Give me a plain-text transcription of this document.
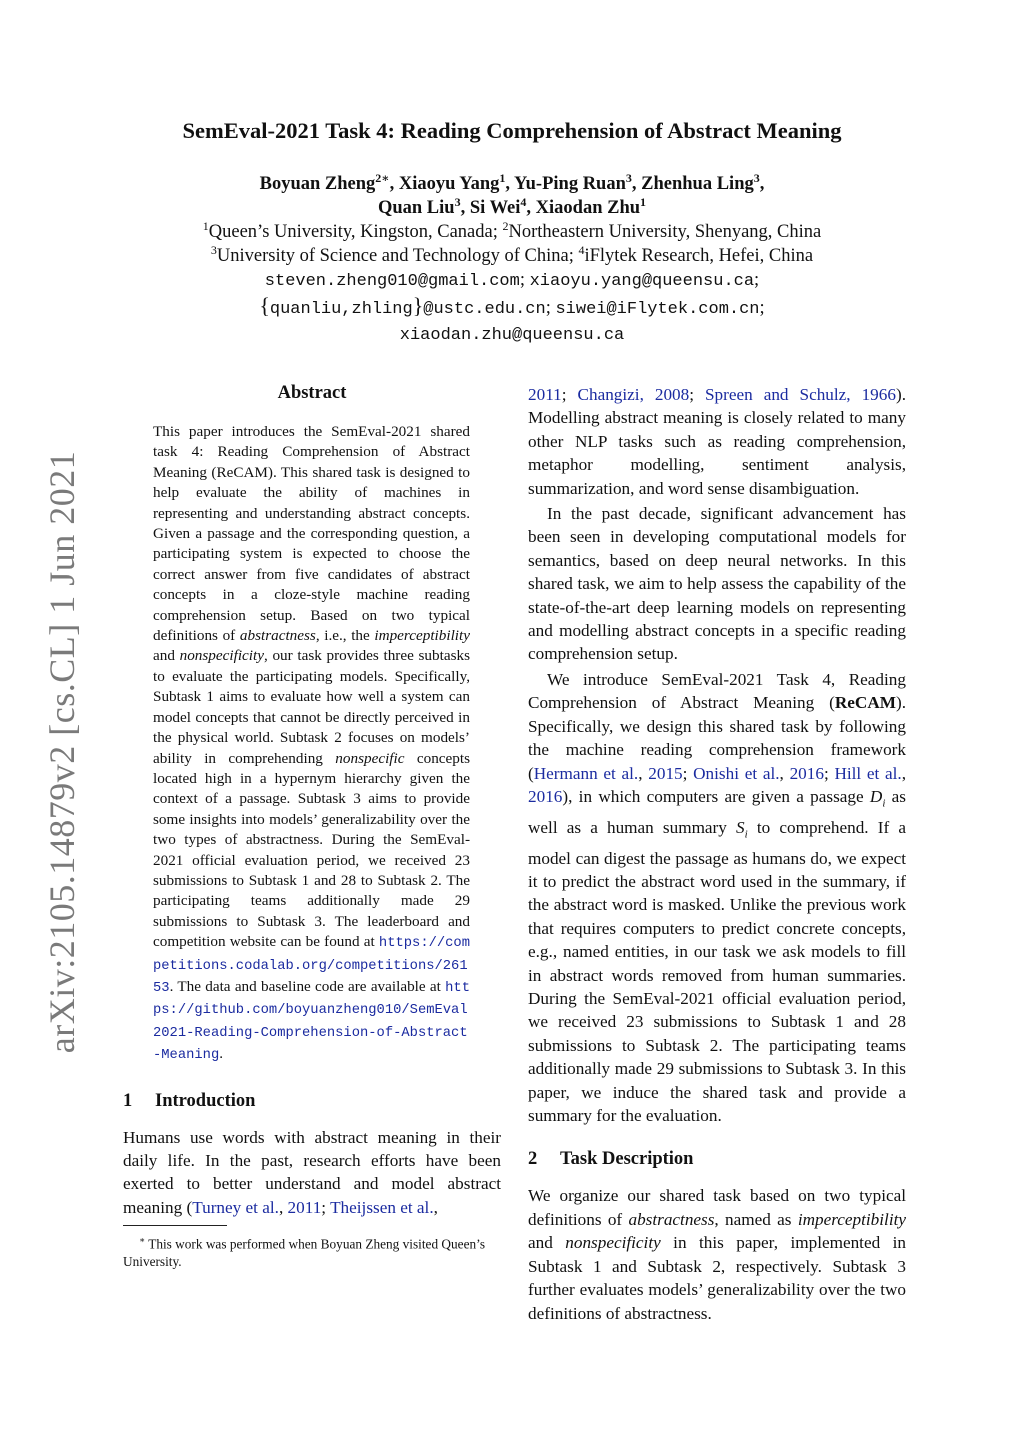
arXiv:2105.14879v2 [cs.CL] 1 Jun 2021
SemEval-2021 Task 4: Reading Comprehension of Abstract Meaning
Boyuan Zheng$^{2∗}$, Xiaoyu Yang$^1$, Yu-Ping Ruan$^3$, Zhenhua Ling$^3$,
Quan Liu$^3$, Si Wei$^4$, Xiaodan Zhu$^1$
$^1$Queen’s University, Kingston, Canada; $^2$Northeastern University, Shenyang, China
$^3$University of Science and Technology of China; $^4$iFlytek Research, Hefei, China
steven.zheng010@gmail.com; xiaoyu.yang@queensu.ca;
{quanliu,zhling}@ustc.edu.cn; siwei@iFlytek.com.cn;
xiaodan.zhu@queensu.ca
Abstract

This paper introduces the SemEval-2021 shared task 4: Reading Comprehension of Abstract Meaning (ReCAM). This shared task is designed to help evaluate the ability of machines in representing and understanding abstract concepts. Given a passage and the corresponding question, a participating system is expected to choose the correct answer from five candidates of abstract concepts in a cloze-style machine reading comprehension setup. Based on two typical definitions of abstractness, i.e., the imperceptibility and nonspecificity, our task provides three subtasks to evaluate the participating models. Specifically, Subtask 1 aims to evaluate how well a system can model concepts that cannot be directly perceived in the physical world. Subtask 2 focuses on models’ ability in comprehending nonspecific concepts located high in a hypernym hierarchy given the context of a passage. Subtask 3 aims to provide some insights into models’ generalizability over the two types of abstractness. During the SemEval-2021 official evaluation period, we received 23 submissions to Subtask 1 and 28 to Subtask 2. The participating teams additionally made 29 submissions to Subtask 3. The leaderboard and competition website can be found at https://competitions.codalab.org/competitions/26153. The data and baseline code are available at https://github.com/boyuanzheng010/SemEval2021-Reading-Comprehension-of-Abstract-Meaning.

1 Introduction

Humans use words with abstract meaning in their daily life. In the past, research efforts have been exerted to better understand and model abstract meaning (Turney et al., 2011; Theijssen et al.,

∗ This work was performed when Boyuan Zheng visited Queen’s University.

2011; Changizi, 2008; Spreen and Schulz, 1966). Modelling abstract meaning is closely related to many other NLP tasks such as reading comprehension, metaphor modelling, sentiment analysis, summarization, and word sense disambiguation.

In the past decade, significant advancement has been seen in developing computational models for semantics, based on deep neural networks. In this shared task, we aim to help assess the capability of the state-of-the-art deep learning models on representing and modelling abstract concepts in a specific reading comprehension setup.

We introduce SemEval-2021 Task 4, Reading Comprehension of Abstract Meaning (ReCAM). Specifically, we design this shared task by following the machine reading comprehension framework (Hermann et al., 2015; Onishi et al., 2016; Hill et al., 2016), in which computers are given a passage $D_i$ as well as a human summary $S_i$ to comprehend. If a model can digest the passage as humans do, we expect it to predict the abstract word used in the summary, if the abstract word is masked. Unlike the previous work that requires computers to predict concrete concepts, e.g., named entities, in our task we ask models to fill in abstract words removed from human summaries. During the SemEval-2021 official evaluation period, we received 23 submissions to Subtask 1 and 28 submissions to Subtask 2. The participating teams additionally made 29 submissions to Subtask 3. In this paper, we induce the shared task and provide a summary for the evaluation.

2 Task Description

We organize our shared task based on two typical definitions of abstractness, named as imperceptibility and nonspecificity in this paper, implemented in Subtask 1 and Subtask 2, respectively. Subtask 3 further evaluates models’ generalizability over the two definitions of abstractness.
